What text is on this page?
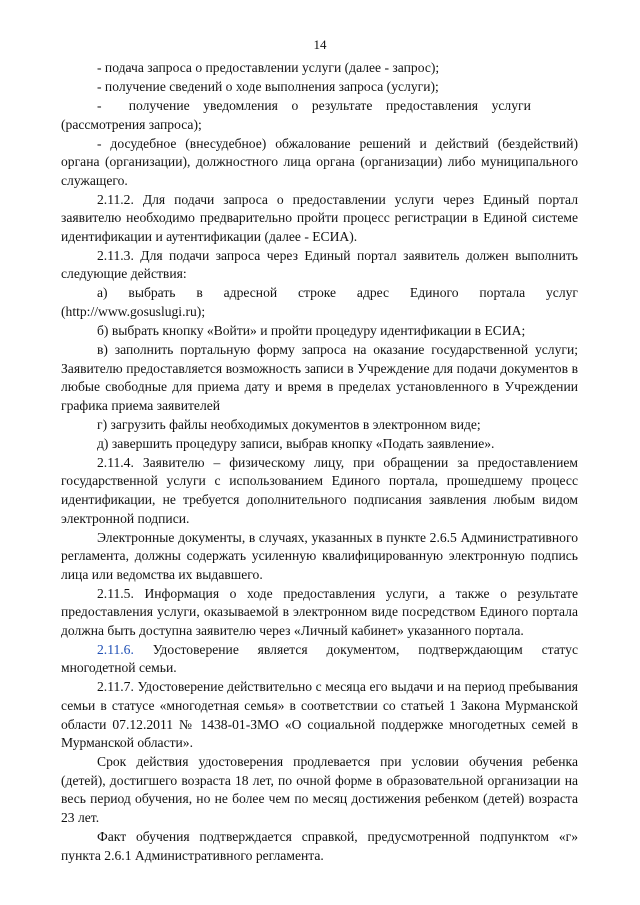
14

- подача запроса о предоставлении услуги (далее - запрос);

- получение сведений о ходе выполнения запроса (услуги);

-  получение уведомления о результате предоставления услуги (рассмотрения запроса);

- досудебное (внесудебное) обжалование решений и действий (бездействий) органа (организации), должностного лица органа (организации) либо муниципального служащего.

2.11.2. Для подачи запроса о предоставлении услуги через Единый портал заявителю необходимо предварительно пройти процесс регистрации в Единой системе идентификации и аутентификации (далее - ЕСИА).

2.11.3. Для подачи запроса через Единый портал заявитель должен выполнить следующие действия:

а) выбрать в адресной строке адрес Единого портала услуг (http://www.gosuslugi.ru);

б) выбрать кнопку «Войти» и пройти процедуру идентификации в ЕСИА;

в) заполнить портальную форму запроса на оказание государственной услуги; Заявителю предоставляется возможность записи в Учреждение для подачи документов в любые свободные для приема дату и время в пределах установленного в Учреждении графика приема заявителей

г) загрузить файлы необходимых документов в электронном виде;

д) завершить процедуру записи, выбрав кнопку «Подать заявление».

2.11.4. Заявителю – физическому лицу, при обращении за предоставлением государственной услуги с использованием Единого портала, прошедшему процесс идентификации, не требуется дополнительного подписания заявления любым видом электронной подписи.

Электронные документы, в случаях, указанных в пункте 2.6.5 Административного регламента, должны содержать усиленную квалифицированную электронную подпись лица или ведомства их выдавшего.

2.11.5. Информация о ходе предоставления услуги, а также о результате предоставления услуги, оказываемой в электронном виде посредством Единого портала должна быть доступна заявителю через «Личный кабинет» указанного портала.

2.11.6. Удостоверение является документом, подтверждающим статус многодетной семьи.

2.11.7. Удостоверение действительно с месяца его выдачи и на период пребывания семьи в статусе «многодетная семья» в соответствии со статьей 1 Закона Мурманской области 07.12.2011 № 1438-01-ЗМО «О социальной поддержке многодетных семей в Мурманской области».

Срок действия удостоверения продлевается при условии обучения ребенка (детей), достигшего возраста 18 лет, по очной форме в образовательной организации на весь период обучения, но не более чем по месяц достижения ребенком (детей) возраста 23 лет.

Факт обучения подтверждается справкой, предусмотренной подпунктом «г» пункта 2.6.1 Административного регламента.
